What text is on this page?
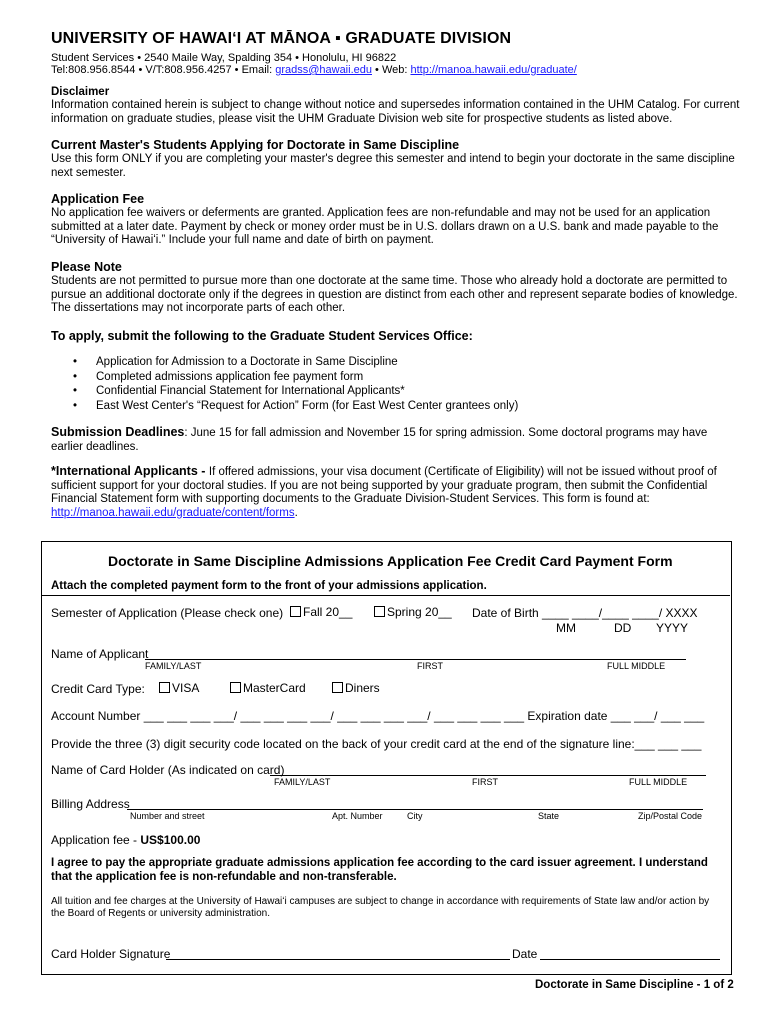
UNIVERSITY OF HAWAIʻI AT MĀNOA ▪ GRADUATE DIVISION
Student Services • 2540 Maile Way, Spalding 354 • Honolulu, HI 96822
Tel:808.956.8544 • V/T:808.956.4257 • Email: gradss@hawaii.edu • Web: http://manoa.hawaii.edu/graduate/
Disclaimer
Information contained herein is subject to change without notice and supersedes information contained in the UHM Catalog. For current
information on graduate studies, please visit the UHM Graduate Division web site for prospective students as listed above.
Current Master's Students Applying for Doctorate in Same Discipline
Use this form ONLY if you are completing your master's degree this semester and intend to begin your doctorate in the same discipline
next semester.
Application Fee
No application fee waivers or deferments are granted. Application fees are non-refundable and may not be used for an application
submitted at a later date. Payment by check or money order must be in U.S. dollars drawn on a U.S. bank and made payable to the
“University of Hawaiʻi.” Include your full name and date of birth on payment.
Please Note
Students are not permitted to pursue more than one doctorate at the same time. Those who already hold a doctorate are permitted to
pursue an additional doctorate only if the degrees in question are distinct from each other and represent separate bodies of knowledge.
The dissertations may not incorporate parts of each other.
To apply, submit the following to the Graduate Student Services Office:
• Application for Admission to a Doctorate in Same Discipline
• Completed admissions application fee payment form
• Confidential Financial Statement for International Applicants*
• East West Center's “Request for Action” Form (for East West Center grantees only)
Submission Deadlines: June 15 for fall admission and November 15 for spring admission. Some doctoral programs may have
earlier deadlines.
*International Applicants - If offered admissions, your visa document (Certificate of Eligibility) will not be issued without proof of
sufficient support for your doctoral studies. If you are not being supported by your graduate program, then submit the Confidential
Financial Statement form with supporting documents to the Graduate Division-Student Services. This form is found at:
http://manoa.hawaii.edu/graduate/content/forms.
Doctorate in Same Discipline Admissions Application Fee Credit Card Payment Form
Attach the completed payment form to the front of your admissions application.
Semester of Application (Please check one)	Fall 20__	Spring 20__ Date of Birth ____ ____/____ ____/ XXXX
MM	DD YYYY
Name of Applicant
FAMILY/LAST	FIRST	FULL MIDDLE
Credit Card Type:	VISA	MasterCard	Diners
Account Number ___ ___ ___ ___/ ___ ___ ___ ___/ ___ ___ ___ ___/ ___ ___ ___ ___ Expiration date ___ ___/ ___ ___
Provide the three (3) digit security code located on the back of your credit card at the end of the signature line:___ ___ ___
Name of Card Holder (As indicated on card)
FAMILY/LAST	FIRST	FULL MIDDLE
Billing Address
Number and street	Apt. Number	City	State	Zip/Postal Code
Application fee - US$100.00
I agree to pay the appropriate graduate admissions application fee according to the card issuer agreement. I understand
that the application fee is non-refundable and non-transferable.
All tuition and fee charges at the University of Hawaiʻi campuses are subject to change in accordance with requirements of State law and/or action by
the Board of Regents or university administration.
Card Holder Signature	Date
Doctorate in Same Discipline - 1 of 2
